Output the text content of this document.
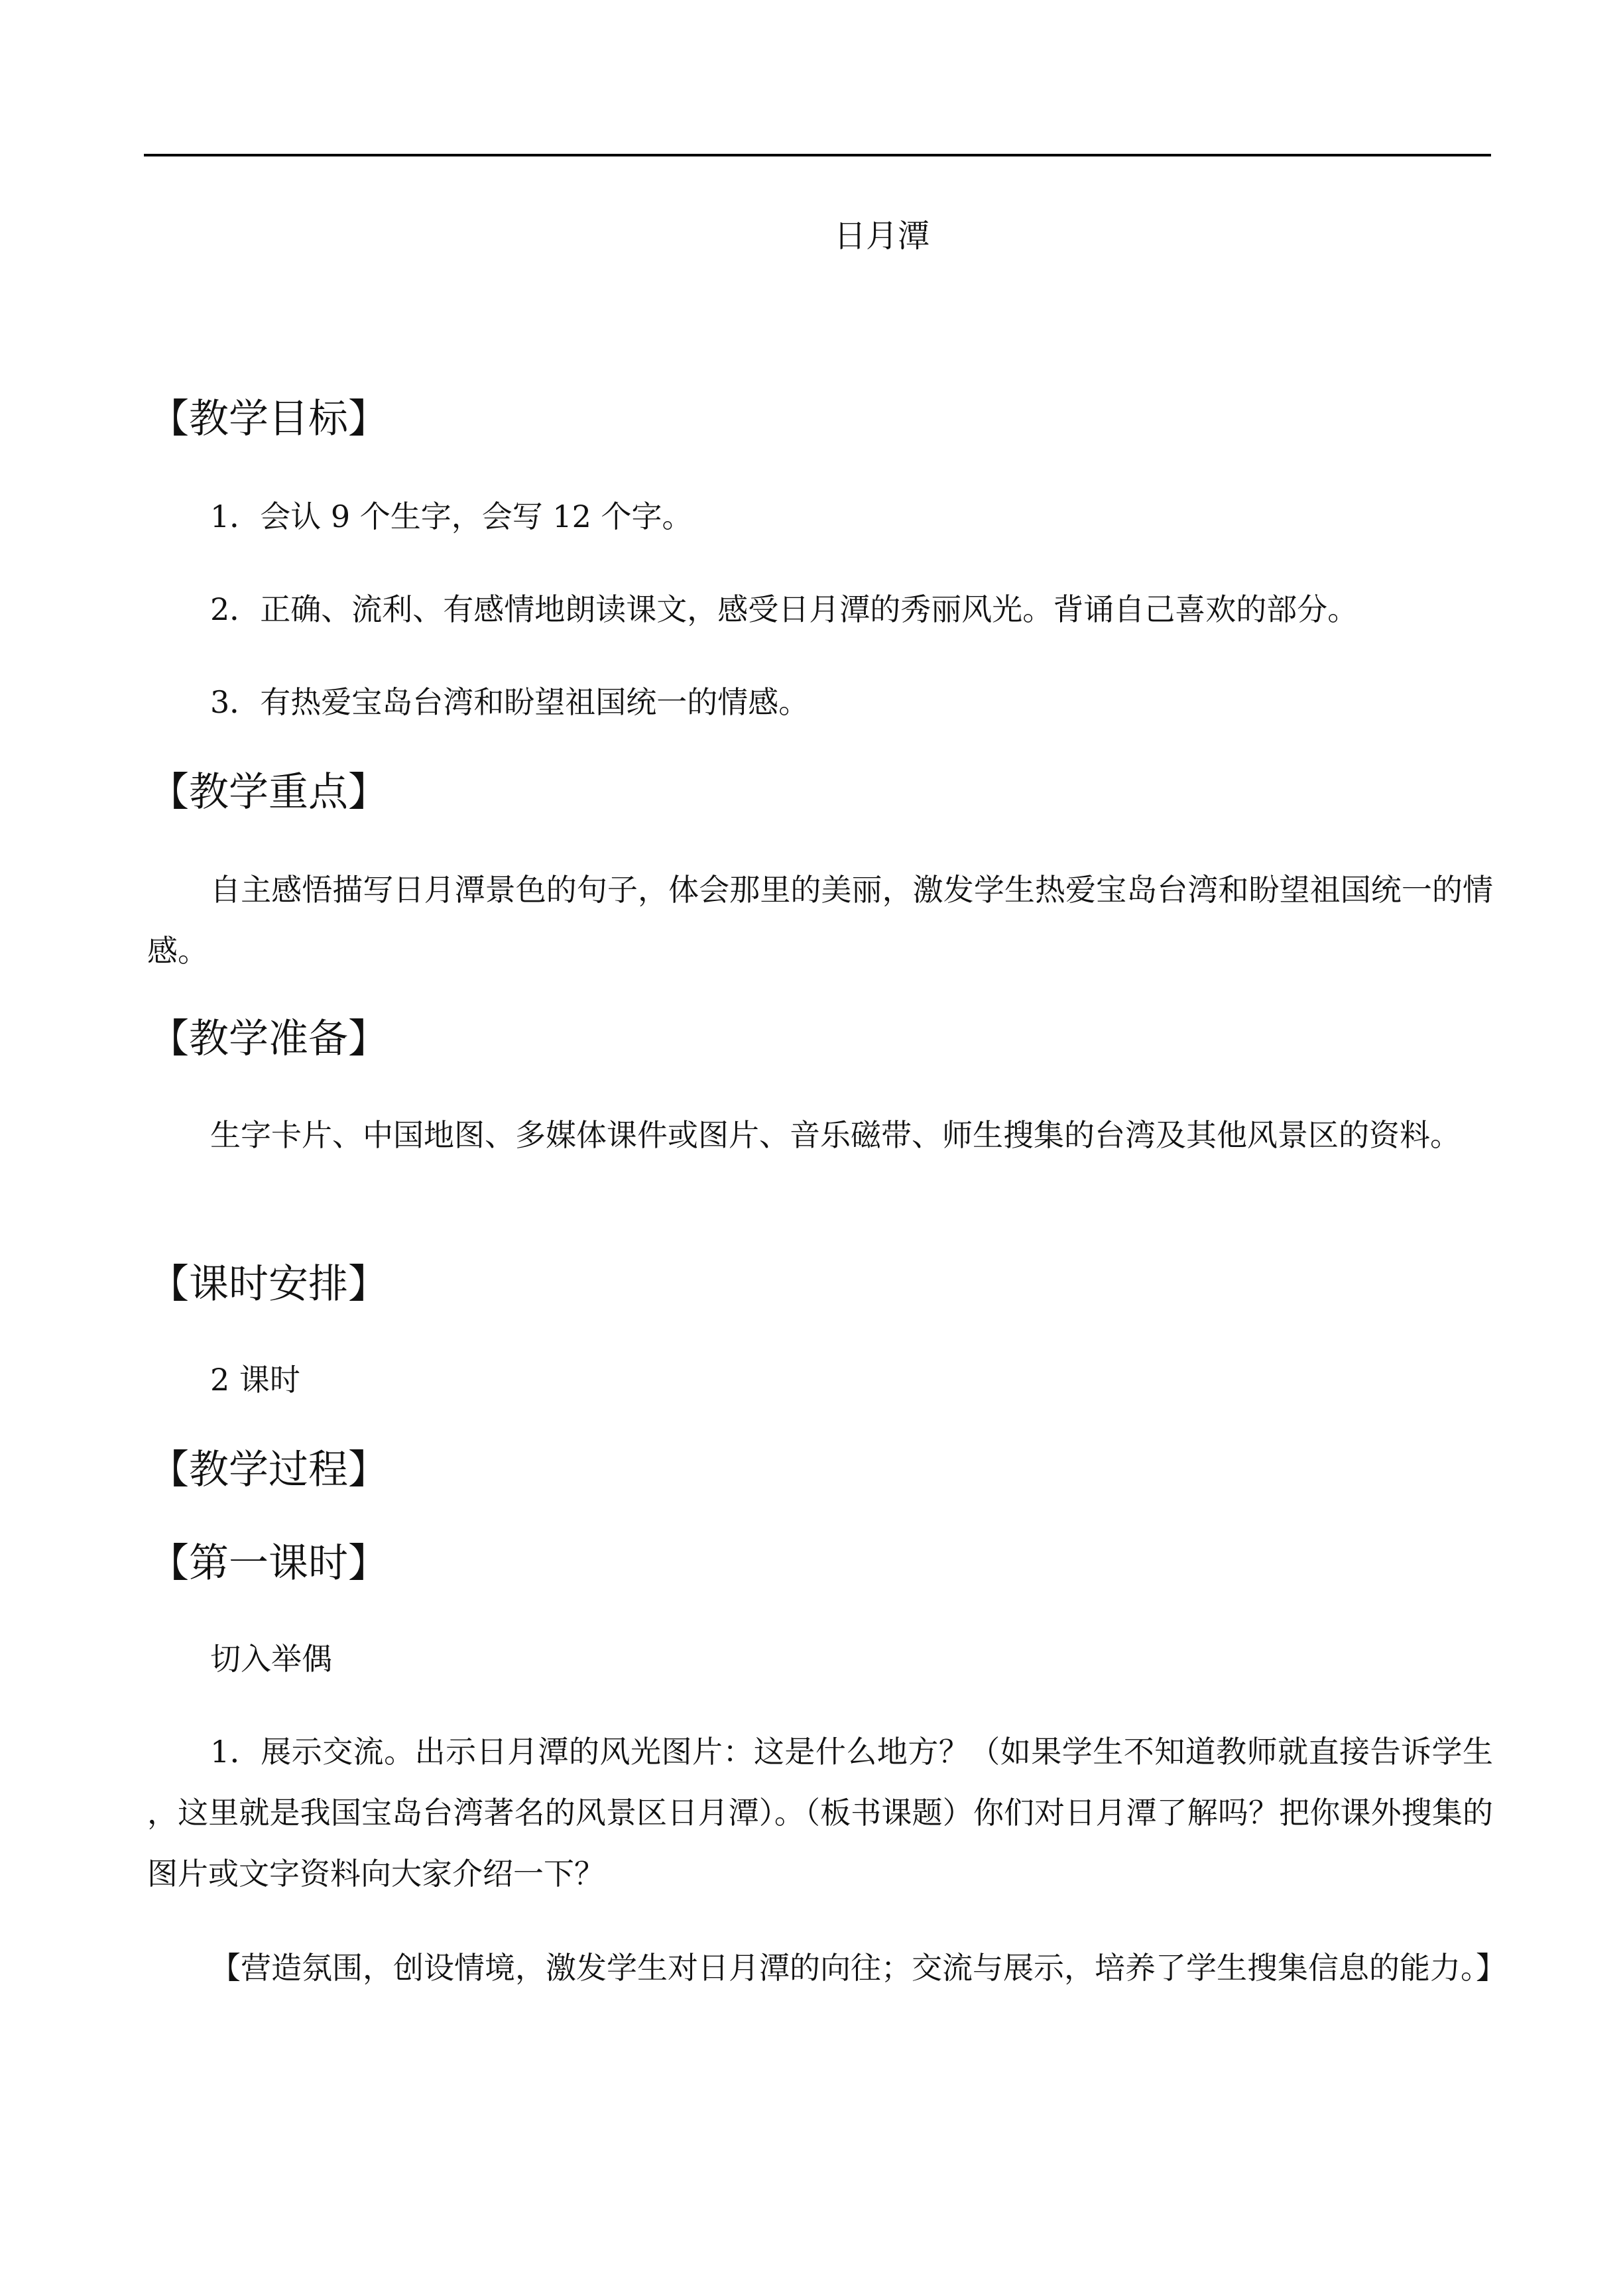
日月潭
【教学目标】
1．会认 9 个生字，会写 12 个字。
2．正确、流利、有感情地朗读课文，感受日月潭的秀丽风光。背诵自己喜欢的部分。
3．有热爱宝岛台湾和盼望祖国统一的情感。
【教学重点】
自主感悟描写日月潭景色的句子，体会那里的美丽，激发学生热爱宝岛台湾和盼望祖国统一的情感。
【教学准备】
生字卡片、中国地图、多媒体课件或图片、音乐磁带、师生搜集的台湾及其他风景区的资料。
【课时安排】
2 课时
【教学过程】
【第一课时】
切入举偶
1．展示交流。出示日月潭的风光图片：这是什么地方？（如果学生不知道教师就直接告诉学生，这里就是我国宝岛台湾著名的风景区日月潭）。（板书课题）你们对日月潭了解吗？把你课外搜集的图片或文字资料向大家介绍一下？
【营造氛围，创设情境，激发学生对日月潭的向往；交流与展示，培养了学生搜集信息的能力。】
